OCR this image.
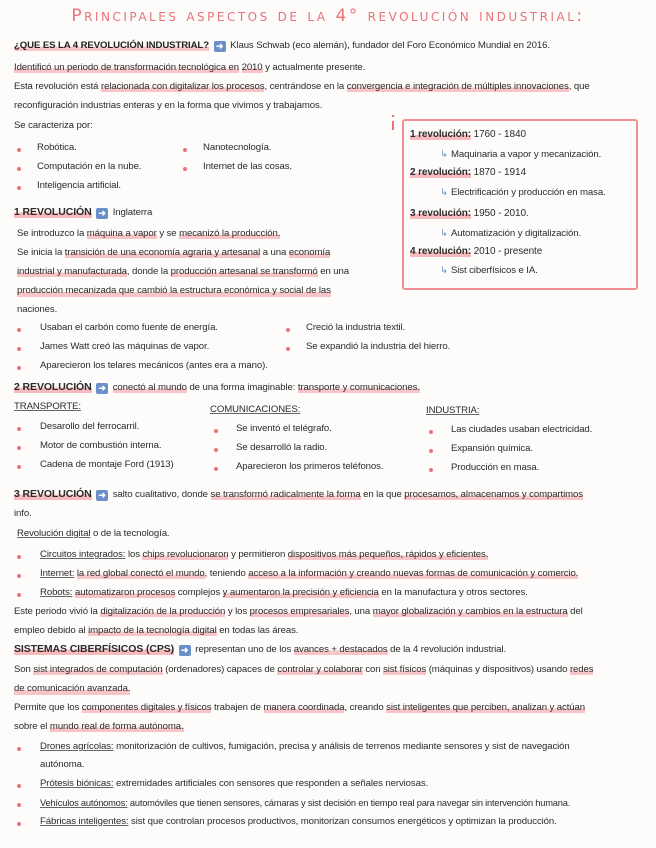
Principales aspectos de la 4° revolución industrial:
¿QUE ES LA 4 REVOLUCIÓN INDUSTRIAL? ➜ Klaus Schwab (eco alemán), fundador del Foro Económico Mundial en 2016.
Identificó un periodo de transformación tecnológica en 2010 y actualmente presente.
Esta revolución está relacionada con digitalizar los procesos, centrándose en la convergencia e integración de múltiples innovaciones, que
reconfiguración industrias enteras y en la forma que vivimos y trabajamos.
Se caracteriza por:
Robótica.
Computación en la nube.
Inteligencia artificial.
Nanotecnología.
Internet de las cosas.
1 revolución: 1760 - 1840
↳ Maquinaria a vapor y mecanización.
2 revolución: 1870 - 1914
↳ Electrificación y producción en masa.
3 revolución: 1950 - 2010.
↳ Automatización y digitalización.
4 revolución: 2010 - presente
↳ Sist ciberfísicos e IA.
1 REVOLUCIÓN ➜ Inglaterra
Se introduzco la máquina a vapor y se mecanizó la producción.
Se inicia la transición de una economía agraria y artesanal a una economía
industrial y manufacturada, donde la producción artesanal se transformó en una
producción mecanizada que cambió la estructura económica y social de las
naciones.
Usaban el carbón como fuente de energía.
James Watt creó las máquinas de vapor.
Aparecieron los telares mecánicos (antes era a mano).
Creció la industria textil.
Se expandió la industria del hierro.
2 REVOLUCIÓN ➜ conectó al mundo de una forma imaginable: transporte y comunicaciones.
TRANSPORTE:
Desarollo del ferrocarril.
Motor de combustión interna.
Cadena de montaje Ford (1913)
COMUNICACIONES:
Se inventó el telégrafo.
Se desarrolló la radio.
Aparecieron los primeros teléfonos.
INDUSTRIA:
Las ciudades usaban electricidad.
Expansión química.
Producción en masa.
3 REVOLUCIÓN ➜ salto cualitativo, donde se transformó radicalmente la forma en la que procesamos, almacenamos y compartimos
info.
Revolución digital o de la tecnología.
Circuitos integrados: los chips revolucionaron y permitieron dispositivos más pequeños, rápidos y eficientes.
Internet: la red global conectó el mundo, teniendo acceso a la información y creando nuevas formas de comunicación y comercio.
Robots: automatizaron procesos complejos y aumentaron la precisión y eficiencia en la manufactura y otros sectores.
Este periodo vivió la digitalización de la producción y los procesos empresariales, una mayor globalización y cambios en la estructura del
empleo debido al impacto de la tecnología digital en todas las áreas.
SISTEMAS CIBERFÍSICOS (CPS) ➜ representan uno de los avances + destacados de la 4 revolución industrial.
Son sist integrados de computación (ordenadores) capaces de controlar y colaborar con sist físicos (máquinas y dispositivos) usando redes
de comunicación avanzada.
Permite que los componentes digitales y físicos trabajen de manera coordinada, creando sist inteligentes que perciben, analizan y actúan
sobre el mundo real de forma autónoma.
Drones agrícolas: monitorización de cultivos, fumigación, precisa y análisis de terrenos mediante sensores y sist de navegación
autónoma.
Prótesis biónicas: extremidades artificiales con sensores que responden a señales nerviosas.
Vehículos autónomos: automóviles que tienen sensores, cámaras y sist decisión en tiempo real para navegar sin intervención humana.
Fábricas inteligentes: sist que controlan procesos productivos, monitorizan consumos energéticos y optimizan la producción.
